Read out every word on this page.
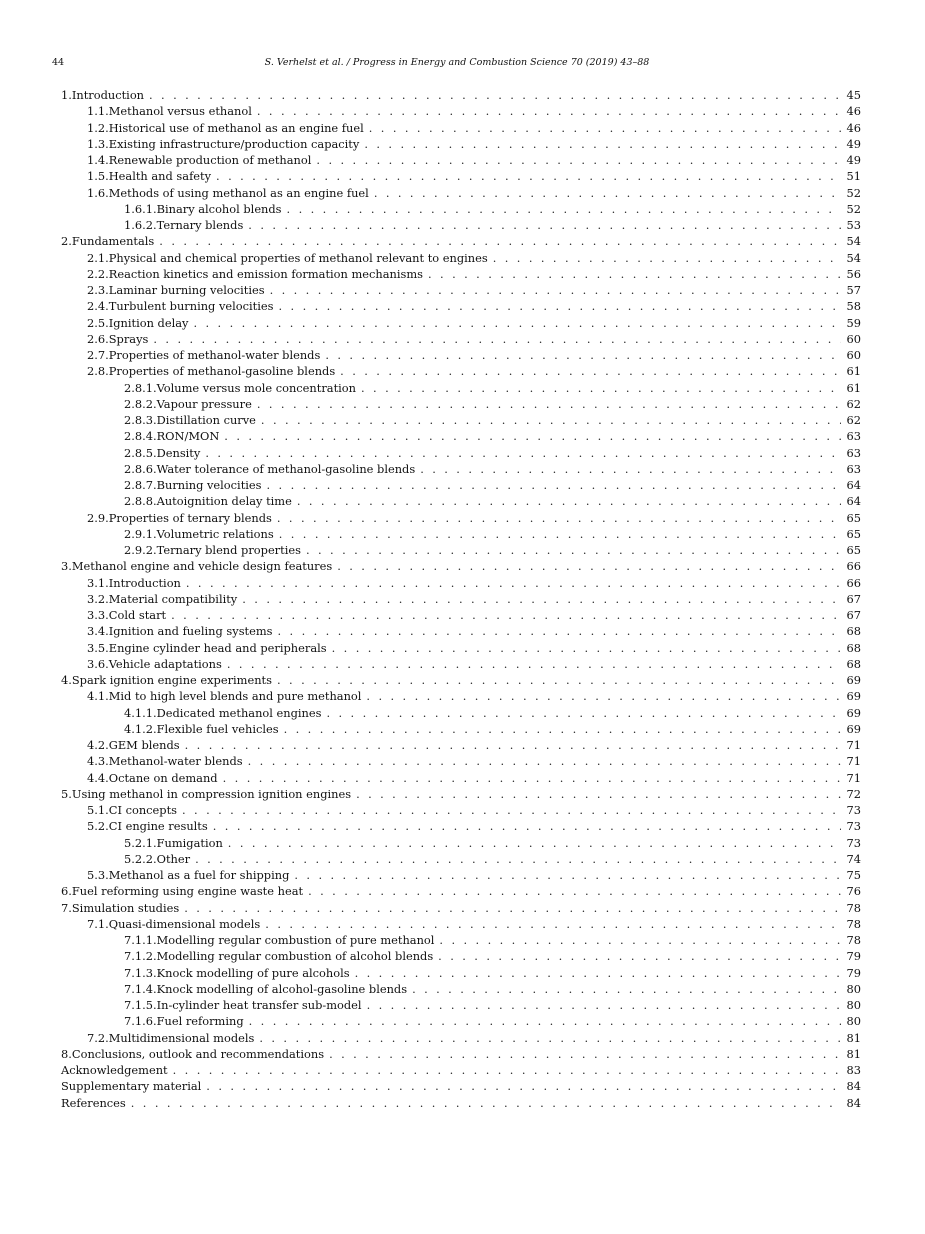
44	S. Verhelst et al. / Progress in Energy and Combustion Science 70 (2019) 43–88
1. Introduction . . .	45
1.1. Methanol versus ethanol . . .	46
1.2. Historical use of methanol as an engine fuel . . .	46
1.3. Existing infrastructure/production capacity . . .	49
1.4. Renewable production of methanol . . .	49
1.5. Health and safety . . .	51
1.6. Methods of using methanol as an engine fuel . . .	52
1.6.1. Binary alcohol blends . . .	52
1.6.2. Ternary blends . . .	53
2. Fundamentals . . .	54
2.1. Physical and chemical properties of methanol relevant to engines . . .	54
2.2. Reaction kinetics and emission formation mechanisms . . .	56
2.3. Laminar burning velocities . . .	57
2.4. Turbulent burning velocities . . .	58
2.5. Ignition delay . . .	59
2.6. Sprays . . .	60
2.7. Properties of methanol-water blends . . .	60
2.8. Properties of methanol-gasoline blends . . .	61
2.8.1. Volume versus mole concentration . . .	61
2.8.2. Vapour pressure . . .	62
2.8.3. Distillation curve . . .	62
2.8.4. RON/MON . . .	63
2.8.5. Density . . .	63
2.8.6. Water tolerance of methanol-gasoline blends . . .	63
2.8.7. Burning velocities . . .	64
2.8.8. Autoignition delay time . . .	64
2.9. Properties of ternary blends . . .	65
2.9.1. Volumetric relations . . .	65
2.9.2. Ternary blend properties . . .	65
3. Methanol engine and vehicle design features . . .	66
3.1. Introduction . . .	66
3.2. Material compatibility . . .	67
3.3. Cold start . . .	67
3.4. Ignition and fueling systems . . .	68
3.5. Engine cylinder head and peripherals . . .	68
3.6. Vehicle adaptations . . .	68
4. Spark ignition engine experiments . . .	69
4.1. Mid to high level blends and pure methanol . . .	69
4.1.1. Dedicated methanol engines . . .	69
4.1.2. Flexible fuel vehicles . . .	69
4.2. GEM blends . . .	71
4.3. Methanol-water blends . . .	71
4.4. Octane on demand . . .	71
5. Using methanol in compression ignition engines . . .	72
5.1. CI concepts . . .	73
5.2. CI engine results . . .	73
5.2.1. Fumigation . . .	73
5.2.2. Other . . .	74
5.3. Methanol as a fuel for shipping . . .	75
6. Fuel reforming using engine waste heat . . .	76
7. Simulation studies . . .	78
7.1. Quasi-dimensional models . . .	78
7.1.1. Modelling regular combustion of pure methanol . . .	78
7.1.2. Modelling regular combustion of alcohol blends . . .	79
7.1.3. Knock modelling of pure alcohols . . .	79
7.1.4. Knock modelling of alcohol-gasoline blends . . .	80
7.1.5. In-cylinder heat transfer sub-model . . .	80
7.1.6. Fuel reforming . . .	80
7.2. Multidimensional models . . .	81
8. Conclusions, outlook and recommendations . . .	81
Acknowledgement . . .	83
Supplementary material . . .	84
References . . .	84
